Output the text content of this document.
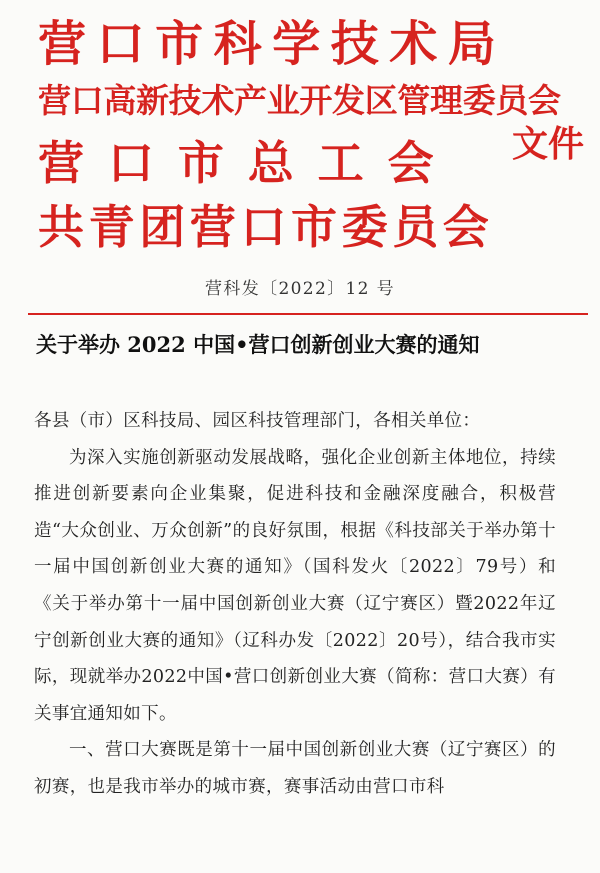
营口市科学技术局
营口高新技术产业开发区管理委员会
营口市总工会
共青团营口市委员会
文件
营科发〔2022〕12 号
关于举办 2022 中国•营口创新创业大赛的通知

各县（市）区科技局、园区科技管理部门，各相关单位：

为深入实施创新驱动发展战略，强化企业创新主体地位，持续推进创新要素向企业集聚，促进科技和金融深度融合，积极营造“大众创业、万众创新”的良好氛围，根据《科技部关于举办第十一届中国创新创业大赛的通知》（国科发火〔2022〕79号）和《关于举办第十一届中国创新创业大赛（辽宁赛区）暨2022年辽宁创新创业大赛的通知》（辽科办发〔2022〕20号），结合我市实际，现就举办2022中国•营口创新创业大赛（简称：营口大赛）有关事宜通知如下。

一、营口大赛既是第十一届中国创新创业大赛（辽宁赛区）的初赛，也是我市举办的城市赛，赛事活动由营口市科
